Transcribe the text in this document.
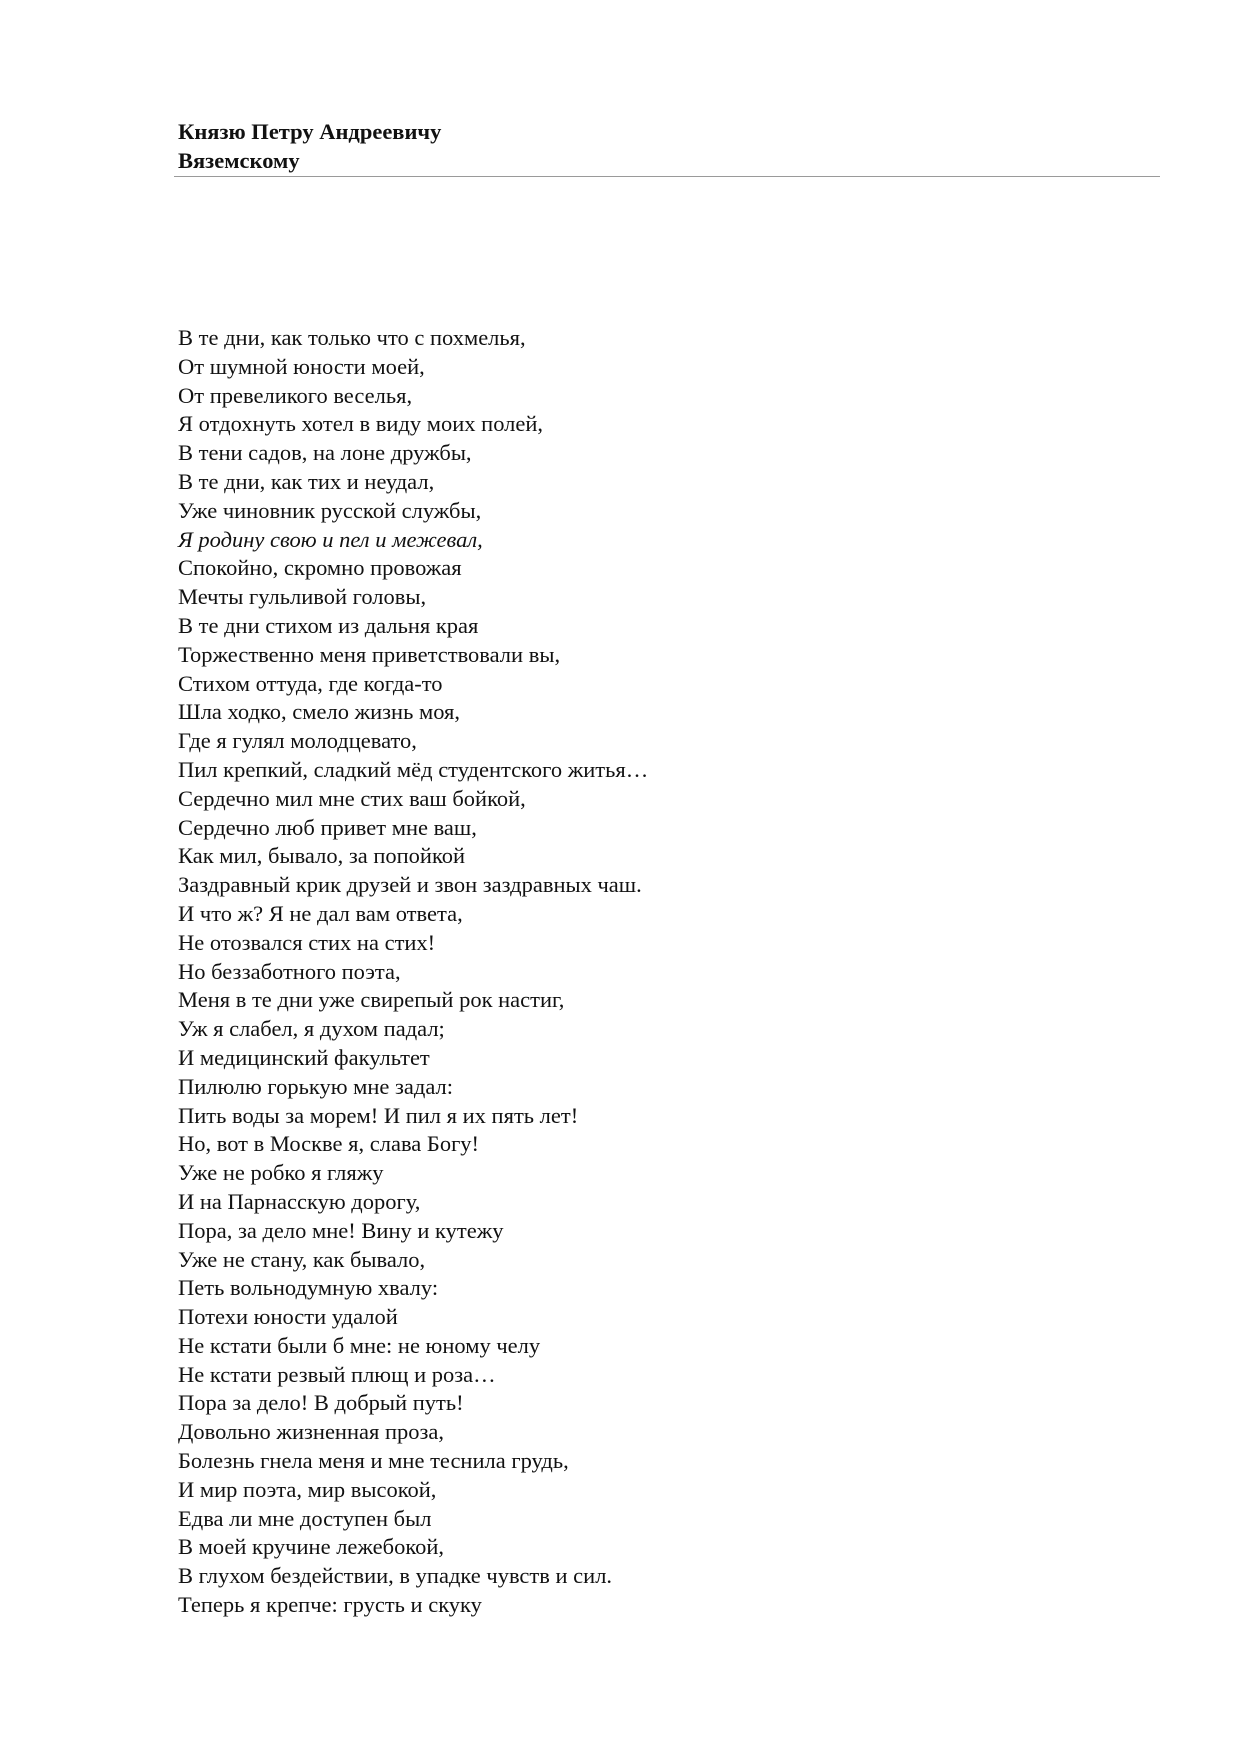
Князю Петру Андреевичу
Вяземскому
В те дни, как только что с похмелья,
От шумной юности моей,
От превеликого веселья,
Я отдохнуть хотел в виду моих полей,
В тени садов, на лоне дружбы,
В те дни, как тих и неудал,
Уже чиновник русской службы,
Я родину свою и пел и межевал,
Спокойно, скромно провожая
Мечты гульливой головы,
В те дни стихом из дальня края
Торжественно меня приветствовали вы,
Стихом оттуда, где когда-то
Шла ходко, смело жизнь моя,
Где я гулял молодцевато,
Пил крепкий, сладкий мёд студентского житья…
Сердечно мил мне стих ваш бойкой,
Сердечно люб привет мне ваш,
Как мил, бывало, за попойкой
Заздравный крик друзей и звон заздравных чаш.
И что ж? Я не дал вам ответа,
Не отозвался стих на стих!
Но беззаботного поэта,
Меня в те дни уже свирепый рок настиг,
Уж я слабел, я духом падал;
И медицинский факультет
Пилюлю горькую мне задал:
Пить воды за морем! И пил я их пять лет!
Но, вот в Москве я, слава Богу!
Уже не робко я гляжу
И на Парнасскую дорогу,
Пора, за дело мне! Вину и кутежу
Уже не стану, как бывало,
Петь вольнодумную хвалу:
Потехи юности удалой
Не кстати были б мне: не юному челу
Не кстати резвый плющ и роза…
Пора за дело! В добрый путь!
Довольно жизненная проза,
Болезнь гнела меня и мне теснила грудь,
И мир поэта, мир высокой,
Едва ли мне доступен был
В моей кручине лежебокой,
В глухом бездействии, в упадке чувств и сил.
Теперь я крепче: грусть и скуку
